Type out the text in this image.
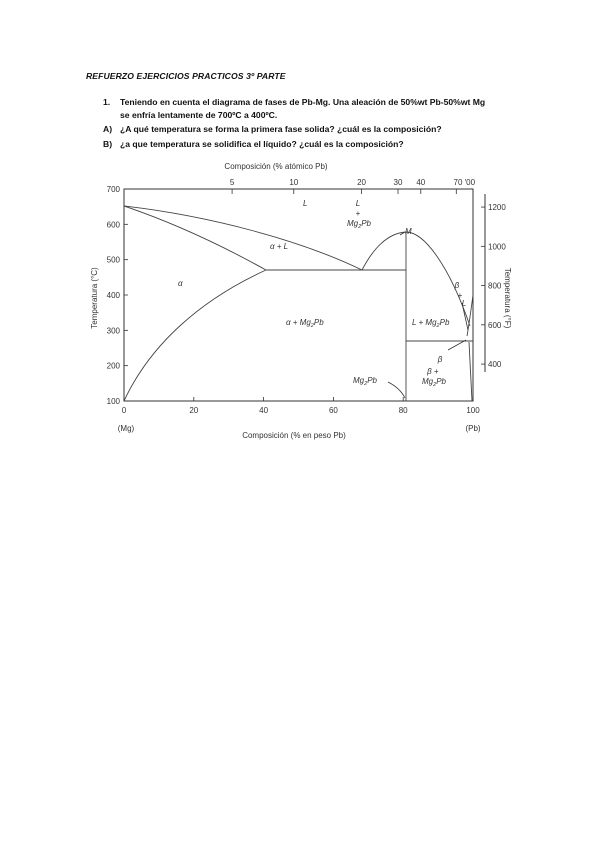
REFUERZO EJERCICIOS PRACTICOS 3º PARTE
1. Teniendo en cuenta el diagrama de fases de Pb-Mg. Una aleación de 50%wt Pb-50%wt Mg se enfría lentamente de 700ºC a 400ºC.
A) ¿A qué temperatura se forma la primera fase solida? ¿cuál es la composición?
B) ¿a que temperatura se solidifica el líquido? ¿cuál es la composición?
Composición (% atómico Pb)
5	10	20	30 40	70 '00
100
200
300
400
500
600
700
Temperatura (°C)
400
600
800
1000
1200
Temperatura (°F)
0	20	40	60	80	100
(Mg)	(Pb)
Composición (% en peso Pb)
L
M
α + L
α
$\alpha + Mg_2Pb$	$L + Mg_2Pb$
$Mg_2Pb$
$L + Mg_2Pb$
β + L
β
$\beta + Mg_2Pb$
